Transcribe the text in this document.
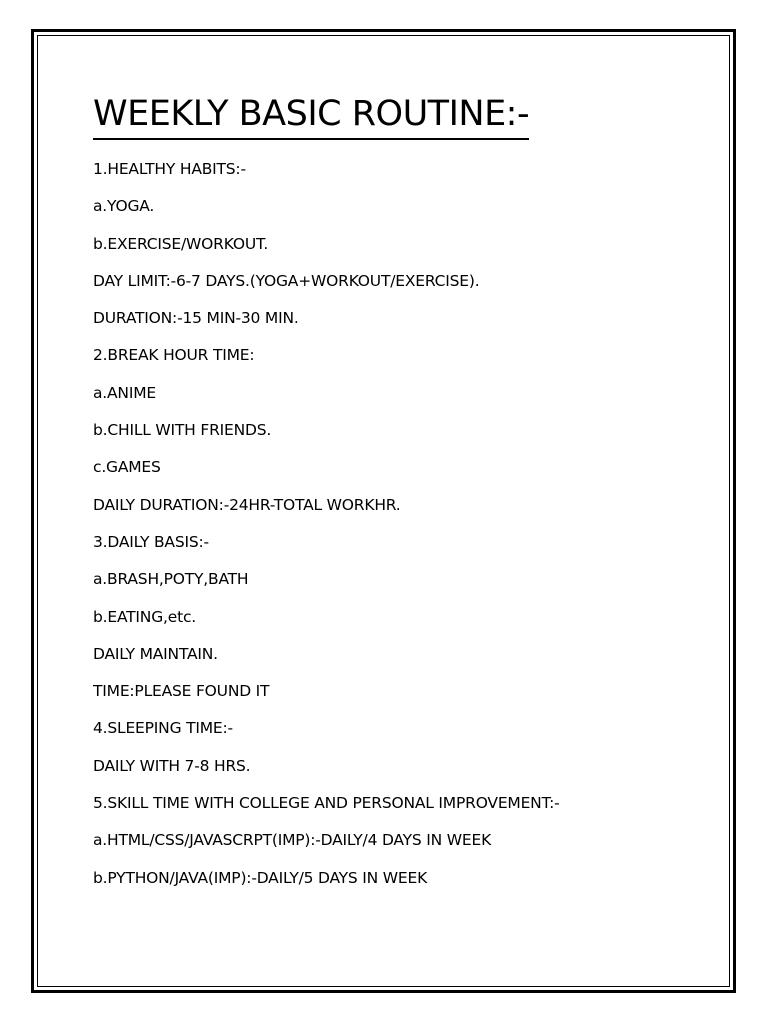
WEEKLY BASIC ROUTINE:-
1.HEALTHY HABITS:-
a.YOGA.
b.EXERCISE/WORKOUT.
DAY LIMIT:-6-7 DAYS.(YOGA+WORKOUT/EXERCISE).
DURATION:-15 MIN-30 MIN.
2.BREAK HOUR TIME:
a.ANIME
b.CHILL WITH FRIENDS.
c.GAMES
DAILY DURATION:-24HR-TOTAL WORKHR.
3.DAILY BASIS:-
a.BRASH,POTY,BATH
b.EATING,etc.
DAILY MAINTAIN.
TIME:PLEASE FOUND IT
4.SLEEPING TIME:-
DAILY WITH 7-8 HRS.
5.SKILL TIME WITH COLLEGE AND PERSONAL IMPROVEMENT:-
a.HTML/CSS/JAVASCRPT(IMP):-DAILY/4 DAYS IN WEEK
b.PYTHON/JAVA(IMP):-DAILY/5 DAYS IN WEEK
